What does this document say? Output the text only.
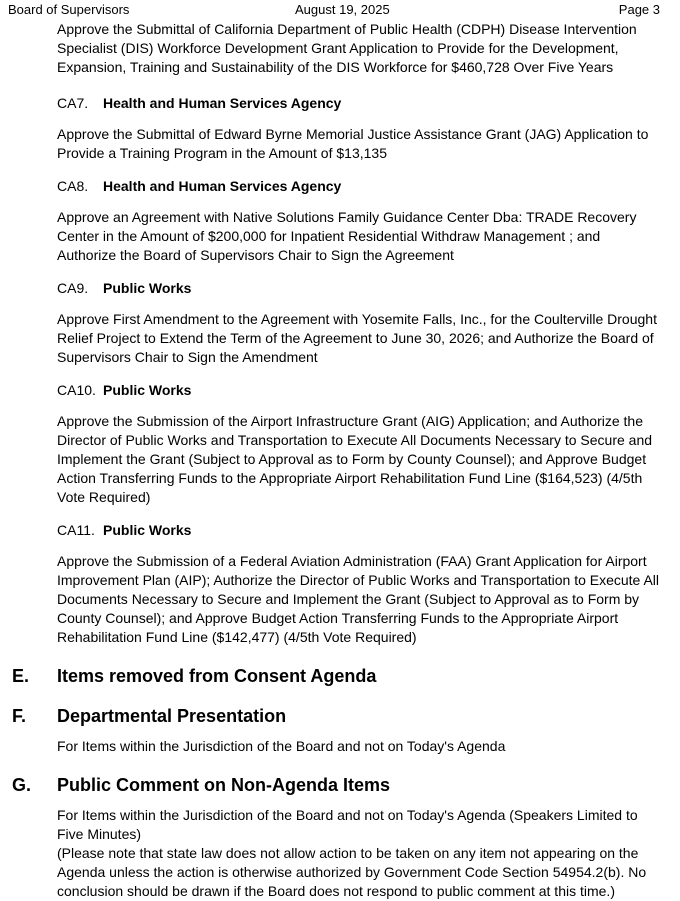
Board of Supervisors	August 19, 2025	Page 3

Approve the Submittal of California Department of Public Health (CDPH) Disease Intervention Specialist (DIS) Workforce Development Grant Application to Provide for the Development, Expansion, Training and Sustainability of the DIS Workforce for $460,728 Over Five Years

CA7. Health and Human Services Agency

Approve the Submittal of Edward Byrne Memorial Justice Assistance Grant (JAG) Application to Provide a Training Program in the Amount of $13,135

CA8. Health and Human Services Agency

Approve an Agreement with Native Solutions Family Guidance Center Dba: TRADE Recovery Center in the Amount of $200,000 for Inpatient Residential Withdraw Management ; and Authorize the Board of Supervisors Chair to Sign the Agreement

CA9. Public Works

Approve First Amendment to the Agreement with Yosemite Falls, Inc., for the Coulterville Drought Relief Project to Extend the Term of the Agreement to June 30, 2026; and Authorize the Board of Supervisors Chair to Sign the Amendment

CA10. Public Works

Approve the Submission of the Airport Infrastructure Grant (AIG) Application; and Authorize the Director of Public Works and Transportation to Execute All Documents Necessary to Secure and Implement the Grant (Subject to Approval as to Form by County Counsel); and Approve Budget Action Transferring Funds to the Appropriate Airport Rehabilitation Fund Line ($164,523) (4/5th Vote Required)

CA11. Public Works

Approve the Submission of a Federal Aviation Administration (FAA) Grant Application for Airport Improvement Plan (AIP); Authorize the Director of Public Works and Transportation to Execute All Documents Necessary to Secure and Implement the Grant (Subject to Approval as to Form by County Counsel); and Approve Budget Action Transferring Funds to the Appropriate Airport Rehabilitation Fund Line ($142,477) (4/5th Vote Required)

E. Items removed from Consent Agenda

F. Departmental Presentation

For Items within the Jurisdiction of the Board and not on Today's Agenda

G. Public Comment on Non-Agenda Items

For Items within the Jurisdiction of the Board and not on Today's Agenda (Speakers Limited to Five Minutes)
(Please note that state law does not allow action to be taken on any item not appearing on the Agenda unless the action is otherwise authorized by Government Code Section 54954.2(b). No conclusion should be drawn if the Board does not respond to public comment at this time.)
